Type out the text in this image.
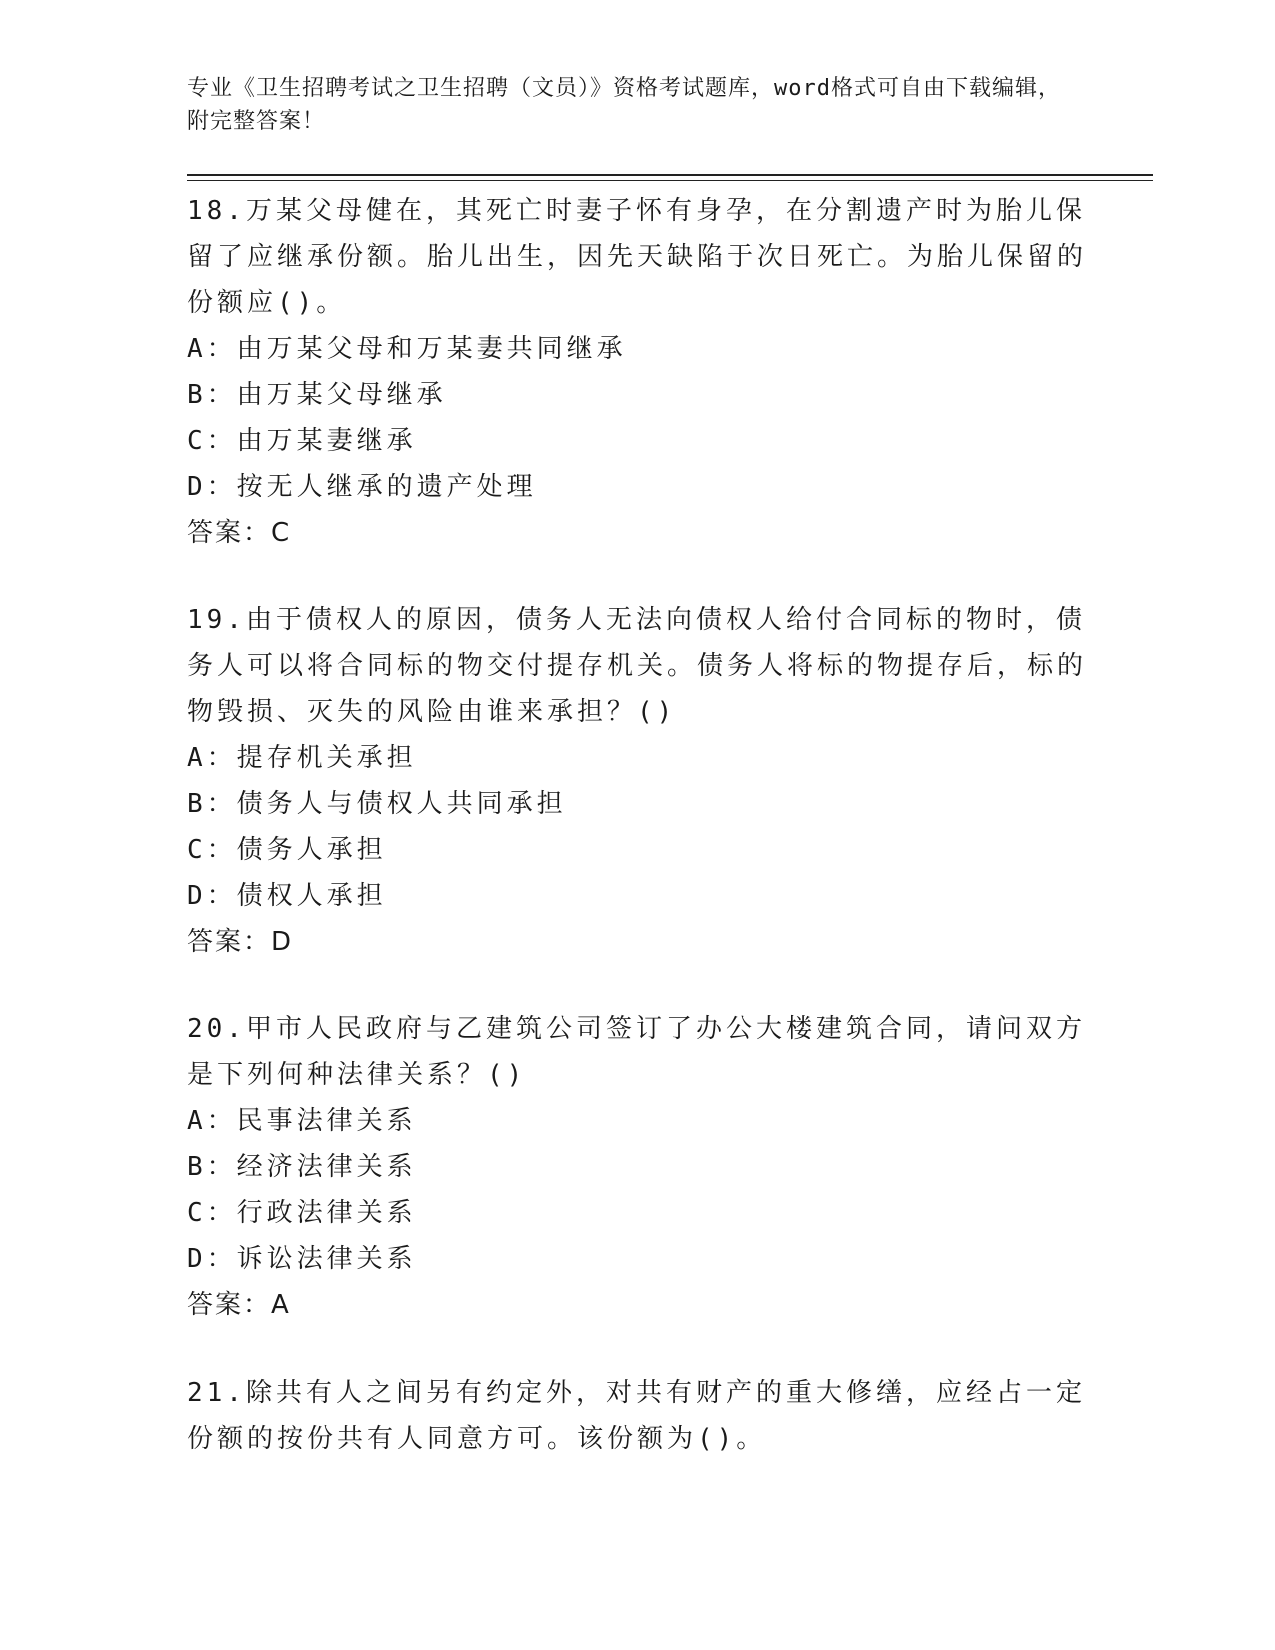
专业《卫生招聘考试之卫生招聘（文员）》资格考试题库，word格式可自由下载编辑，附完整答案！

18.万某父母健在，其死亡时妻子怀有身孕，在分割遗产时为胎儿保留了应继承份额。胎儿出生，因先天缺陷于次日死亡。为胎儿保留的份额应()。

A：由万某父母和万某妻共同继承

B：由万某父母继承

C：由万某妻继承

D：按无人继承的遗产处理

答案：C

19.由于债权人的原因，债务人无法向债权人给付合同标的物时，债务人可以将合同标的物交付提存机关。债务人将标的物提存后，标的物毁损、灭失的风险由谁来承担？()

A：提存机关承担

B：债务人与债权人共同承担

C：债务人承担

D：债权人承担

答案：D

20.甲市人民政府与乙建筑公司签订了办公大楼建筑合同，请问双方是下列何种法律关系？()

A：民事法律关系

B：经济法律关系

C：行政法律关系

D：诉讼法律关系

答案：A

21.除共有人之间另有约定外，对共有财产的重大修缮，应经占一定份额的按份共有人同意方可。该份额为()。
